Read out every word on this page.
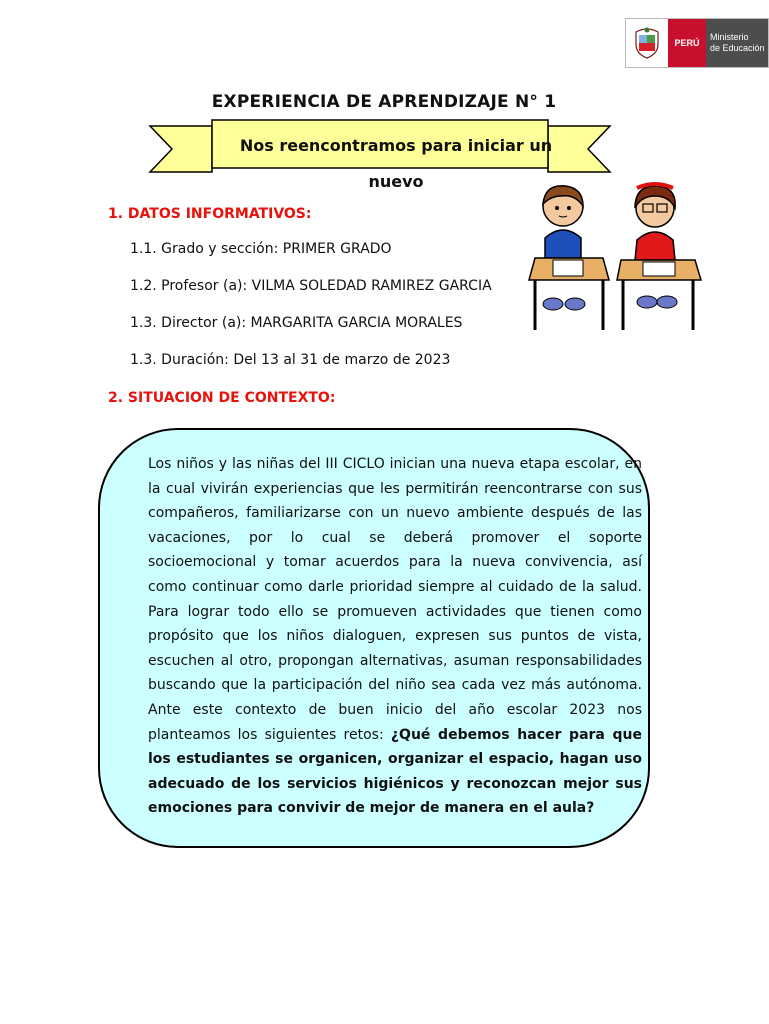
PERÚ
Ministerio
de Educación
EXPERIENCIA DE APRENDIZAJE N° 1
Nos reencontramos para iniciar un nuevo
1. DATOS INFORMATIVOS:
1.1. Grado y sección: PRIMER GRADO
1.2. Profesor (a): VILMA SOLEDAD RAMIREZ GARCIA
1.3. Director (a): MARGARITA GARCIA MORALES
1.3. Duración: Del 13 al 31 de marzo de 2023
2. SITUACION DE CONTEXTO:
Los niños y las niñas del III CICLO inician una nueva etapa escolar, en la cual vivirán experiencias que les permitirán reencontrarse con sus compañeros, familiarizarse con un nuevo ambiente después de las vacaciones, por lo cual se deberá promover el soporte socioemocional y tomar acuerdos para la nueva convivencia, así como continuar como darle prioridad siempre al cuidado de la salud. Para lograr todo ello se promueven actividades que tienen como propósito que los niños dialoguen, expresen sus puntos de vista, escuchen al otro, propongan alternativas, asuman responsabilidades buscando que la participación del niño sea cada vez más autónoma. Ante este contexto de buen inicio del año escolar 2023 nos planteamos los siguientes retos: ¿Qué debemos hacer para que los estudiantes se organicen, organizar el espacio, hagan uso adecuado de los servicios higiénicos y reconozcan mejor sus emociones para convivir de mejor de manera en el aula?
